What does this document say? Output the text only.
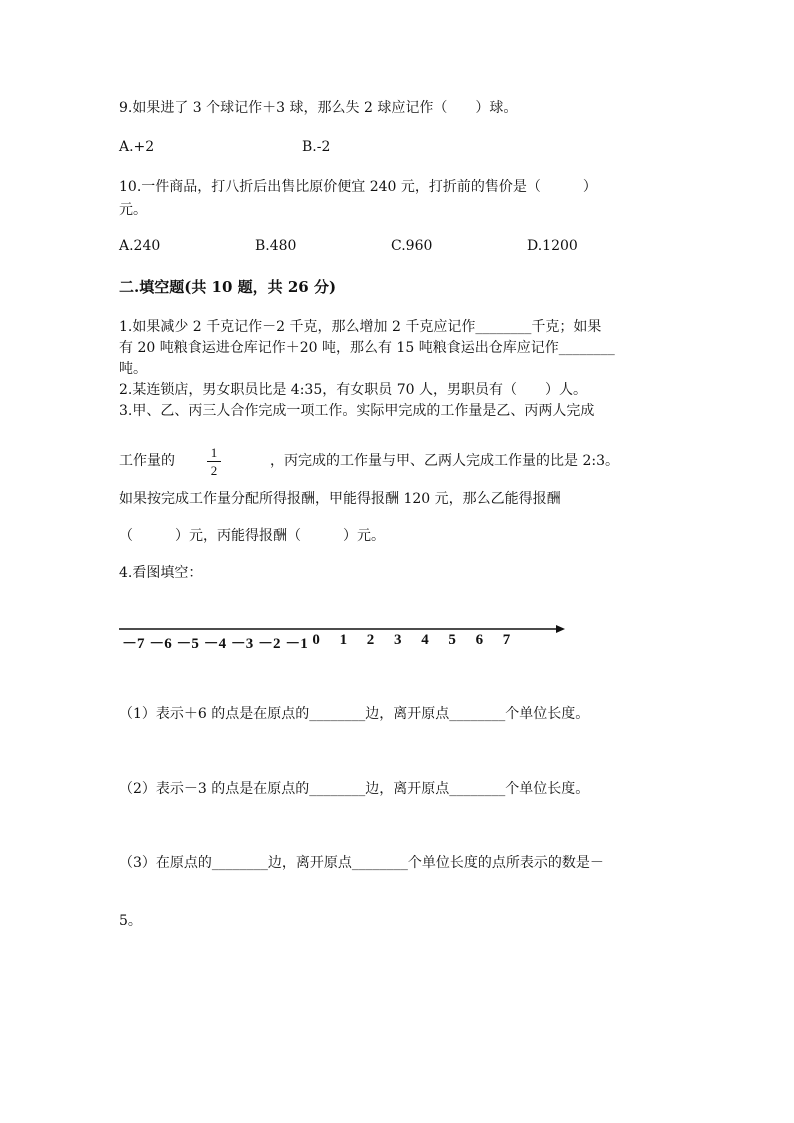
9.如果进了 3 个球记作＋3 球，那么失 2 球应记作（　　）球。
A.+2	B.-2
10.一件商品，打八折后出售比原价便宜 240 元，打折前的售价是（　　　）
元。
A.240	B.480	C.960	D.1200
二.填空题(共 10 题，共 26 分)
1.如果减少 2 千克记作－2 千克，那么增加 2 千克应记作________千克；如果
有 20 吨粮食运进仓库记作＋20 吨，那么有 15 吨粮食运出仓库应记作________
吨。
2.某连锁店，男女职员比是 4:35，有女职员 70 人，男职员有（　　）人。
3.甲、乙、丙三人合作完成一项工作。实际甲完成的工作量是乙、丙两人完成
工作量的
1
2
，丙完成的工作量与甲、乙两人完成工作量的比是 2:3。
如果按完成工作量分配所得报酬，甲能得报酬 120 元，那么乙能得报酬
（　　　）元，丙能得报酬（　　　）元。
4.看图填空：
－7 －6 －5 －4 －3 －2 －1 0 1 2 3 4 5 6 7
（1）表示＋6 的点是在原点的________边，离开原点________个单位长度。
（2）表示－3 的点是在原点的________边，离开原点________个单位长度。
（3）在原点的________边，离开原点________个单位长度的点所表示的数是－
5。
